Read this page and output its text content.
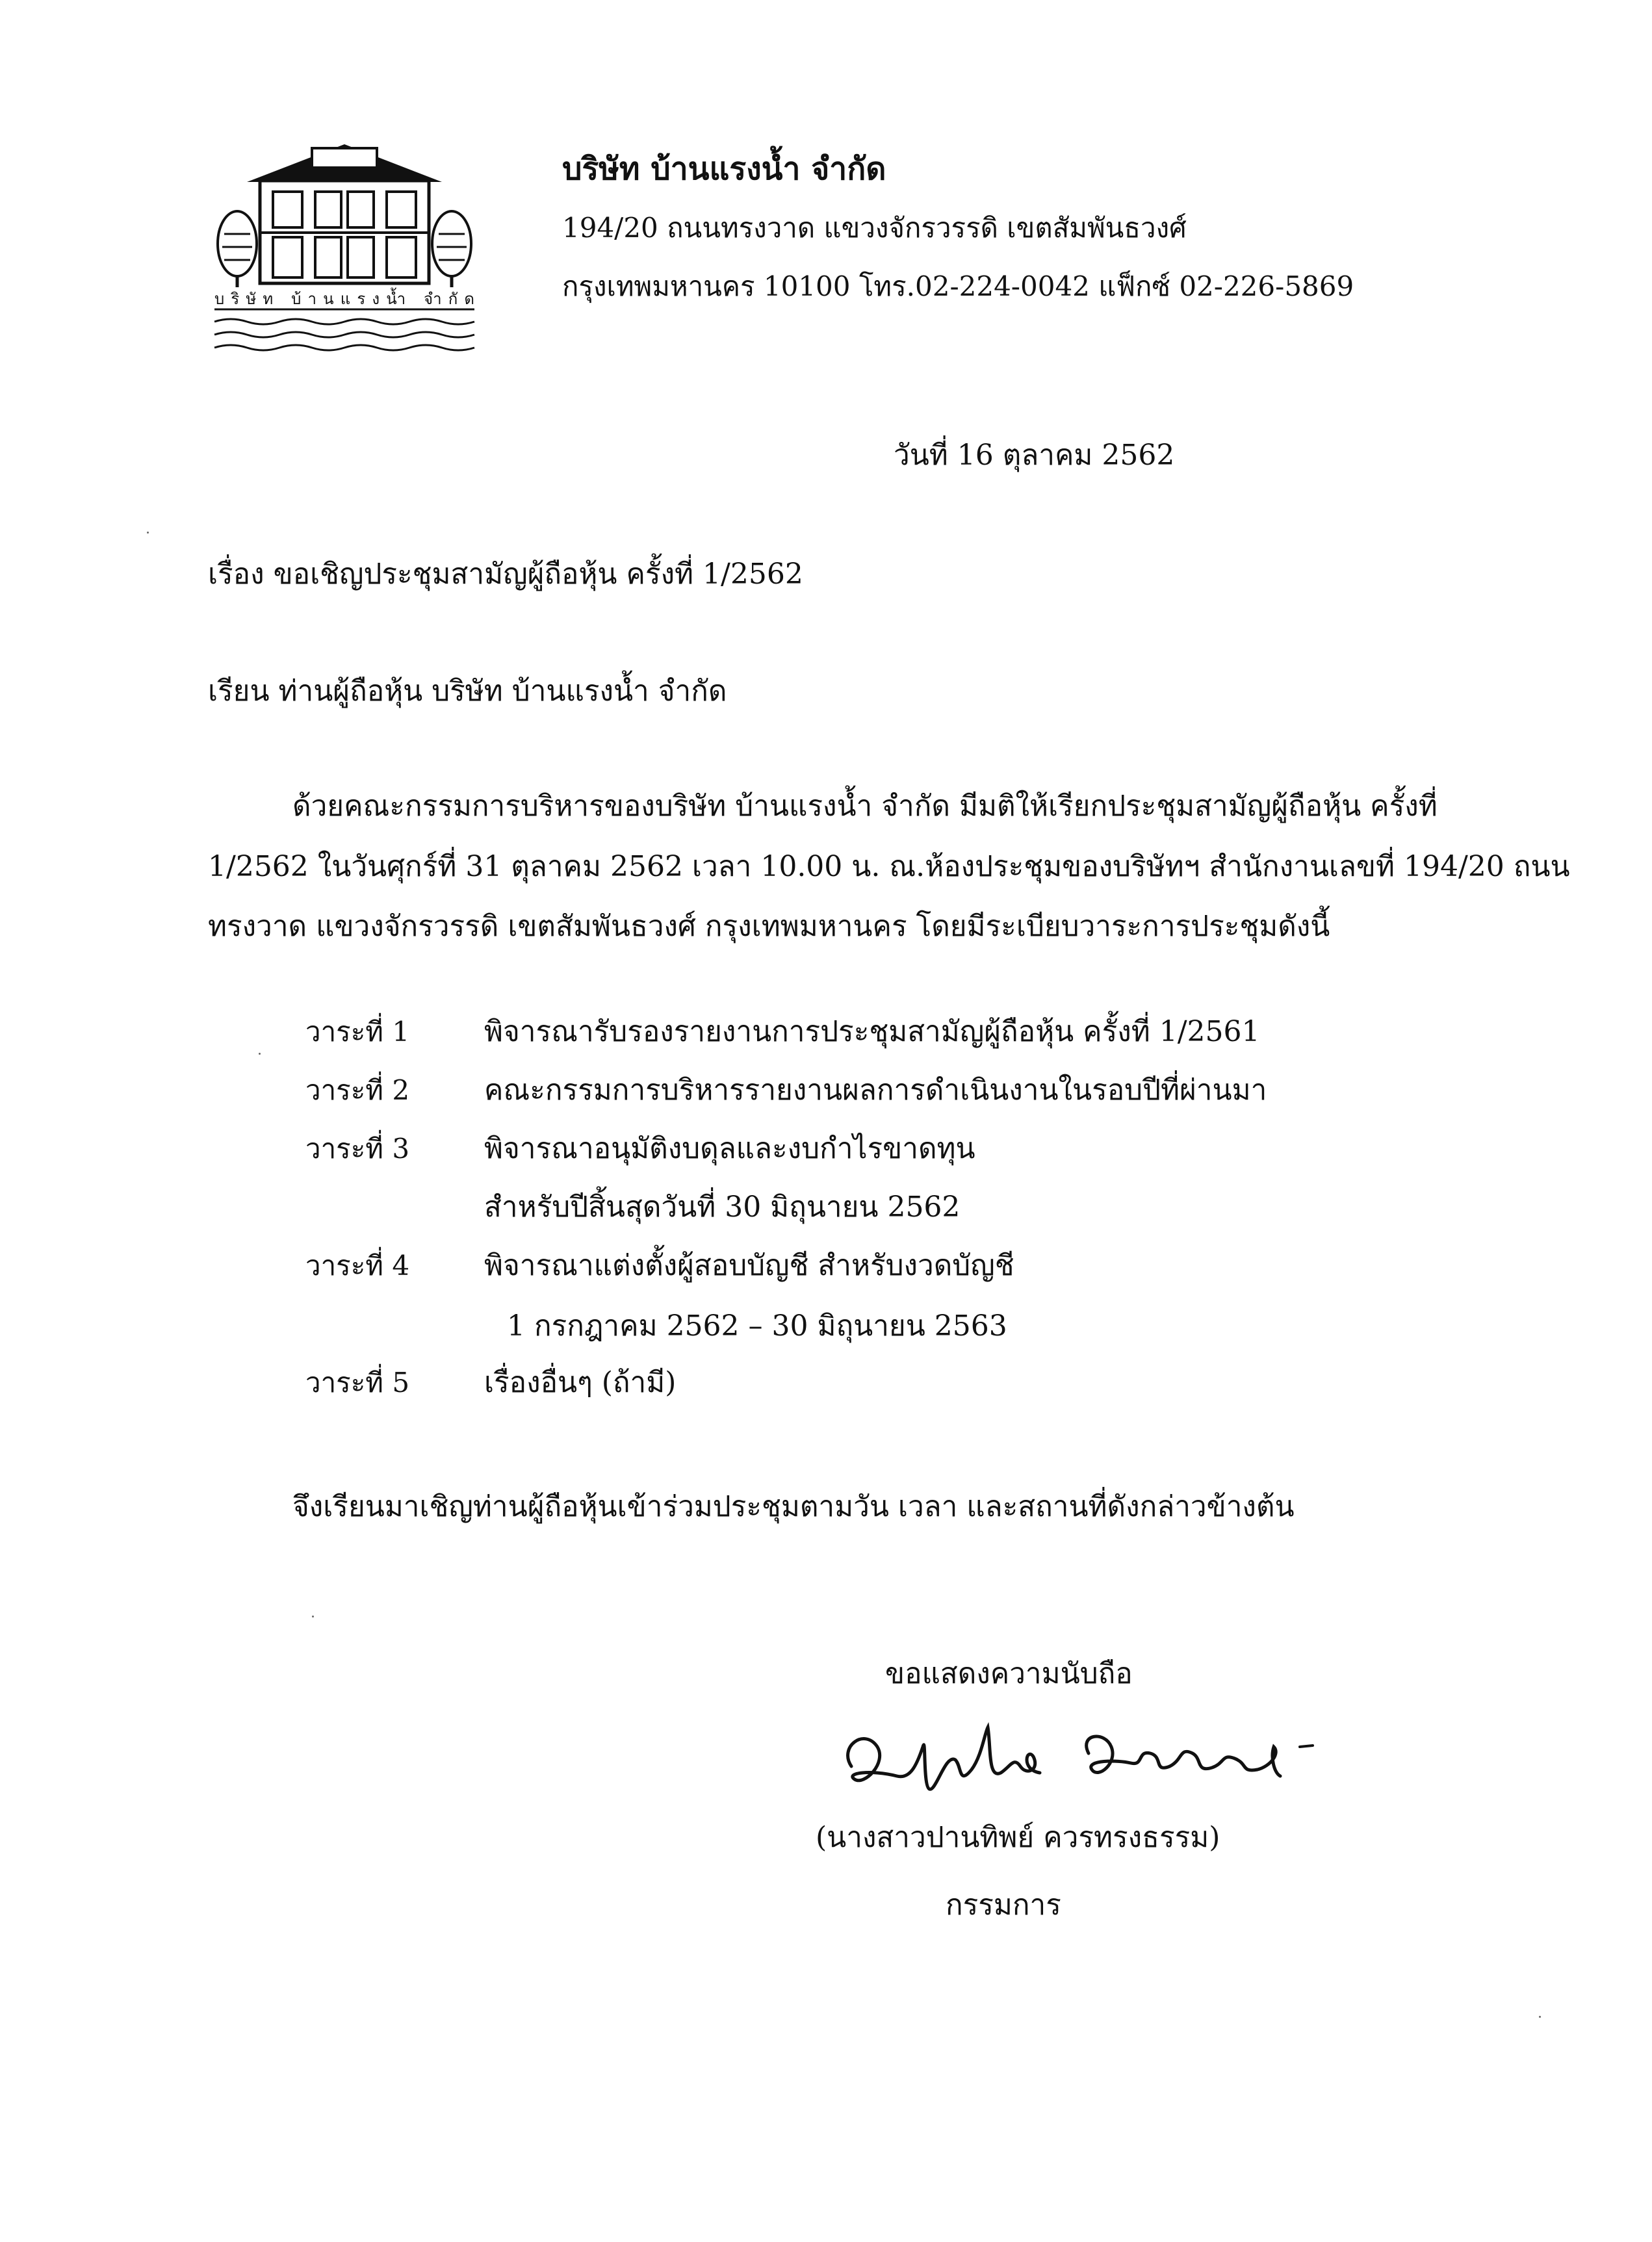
บริษัท บ้านแรงน้ำ จำกัด
บริษัท บ้านแรงน้ำ จำกัด
194/20 ถนนทรงวาด แขวงจักรวรรดิ เขตสัมพันธวงศ์
กรุงเทพมหานคร 10100 โทร.02-224-0042 แฟ็กซ์ 02-226-5869
วันที่ 16 ตุลาคม 2562
เรื่อง ขอเชิญประชุมสามัญผู้ถือหุ้น ครั้งที่ 1/2562
เรียน ท่านผู้ถือหุ้น บริษัท บ้านแรงน้ำ จำกัด
ด้วยคณะกรรมการบริหารของบริษัท บ้านแรงน้ำ จำกัด มีมติให้เรียกประชุมสามัญผู้ถือหุ้น ครั้งที่
1/2562 ในวันศุกร์ที่ 31 ตุลาคม 2562 เวลา 10.00 น. ณ.ห้องประชุมของบริษัทฯ สำนักงานเลขที่ 194/20 ถนน
ทรงวาด แขวงจักรวรรดิ เขตสัมพันธวงศ์ กรุงเทพมหานคร โดยมีระเบียบวาระการประชุมดังนี้
วาระที่ 1	พิจารณารับรองรายงานการประชุมสามัญผู้ถือหุ้น ครั้งที่ 1/2561
วาระที่ 2	คณะกรรมการบริหารรายงานผลการดำเนินงานในรอบปีที่ผ่านมา
วาระที่ 3	พิจารณาอนุมัติงบดุลและงบกำไรขาดทุน
สำหรับปีสิ้นสุดวันที่ 30 มิถุนายน 2562
วาระที่ 4	พิจารณาแต่งตั้งผู้สอบบัญชี สำหรับงวดบัญชี
1 กรกฎาคม 2562 – 30 มิถุนายน 2563
วาระที่ 5	เรื่องอื่นๆ (ถ้ามี)
จึงเรียนมาเชิญท่านผู้ถือหุ้นเข้าร่วมประชุมตามวัน เวลา และสถานที่ดังกล่าวข้างต้น
ขอแสดงความนับถือ
(นางสาวปานทิพย์ ควรทรงธรรม)
กรรมการ
